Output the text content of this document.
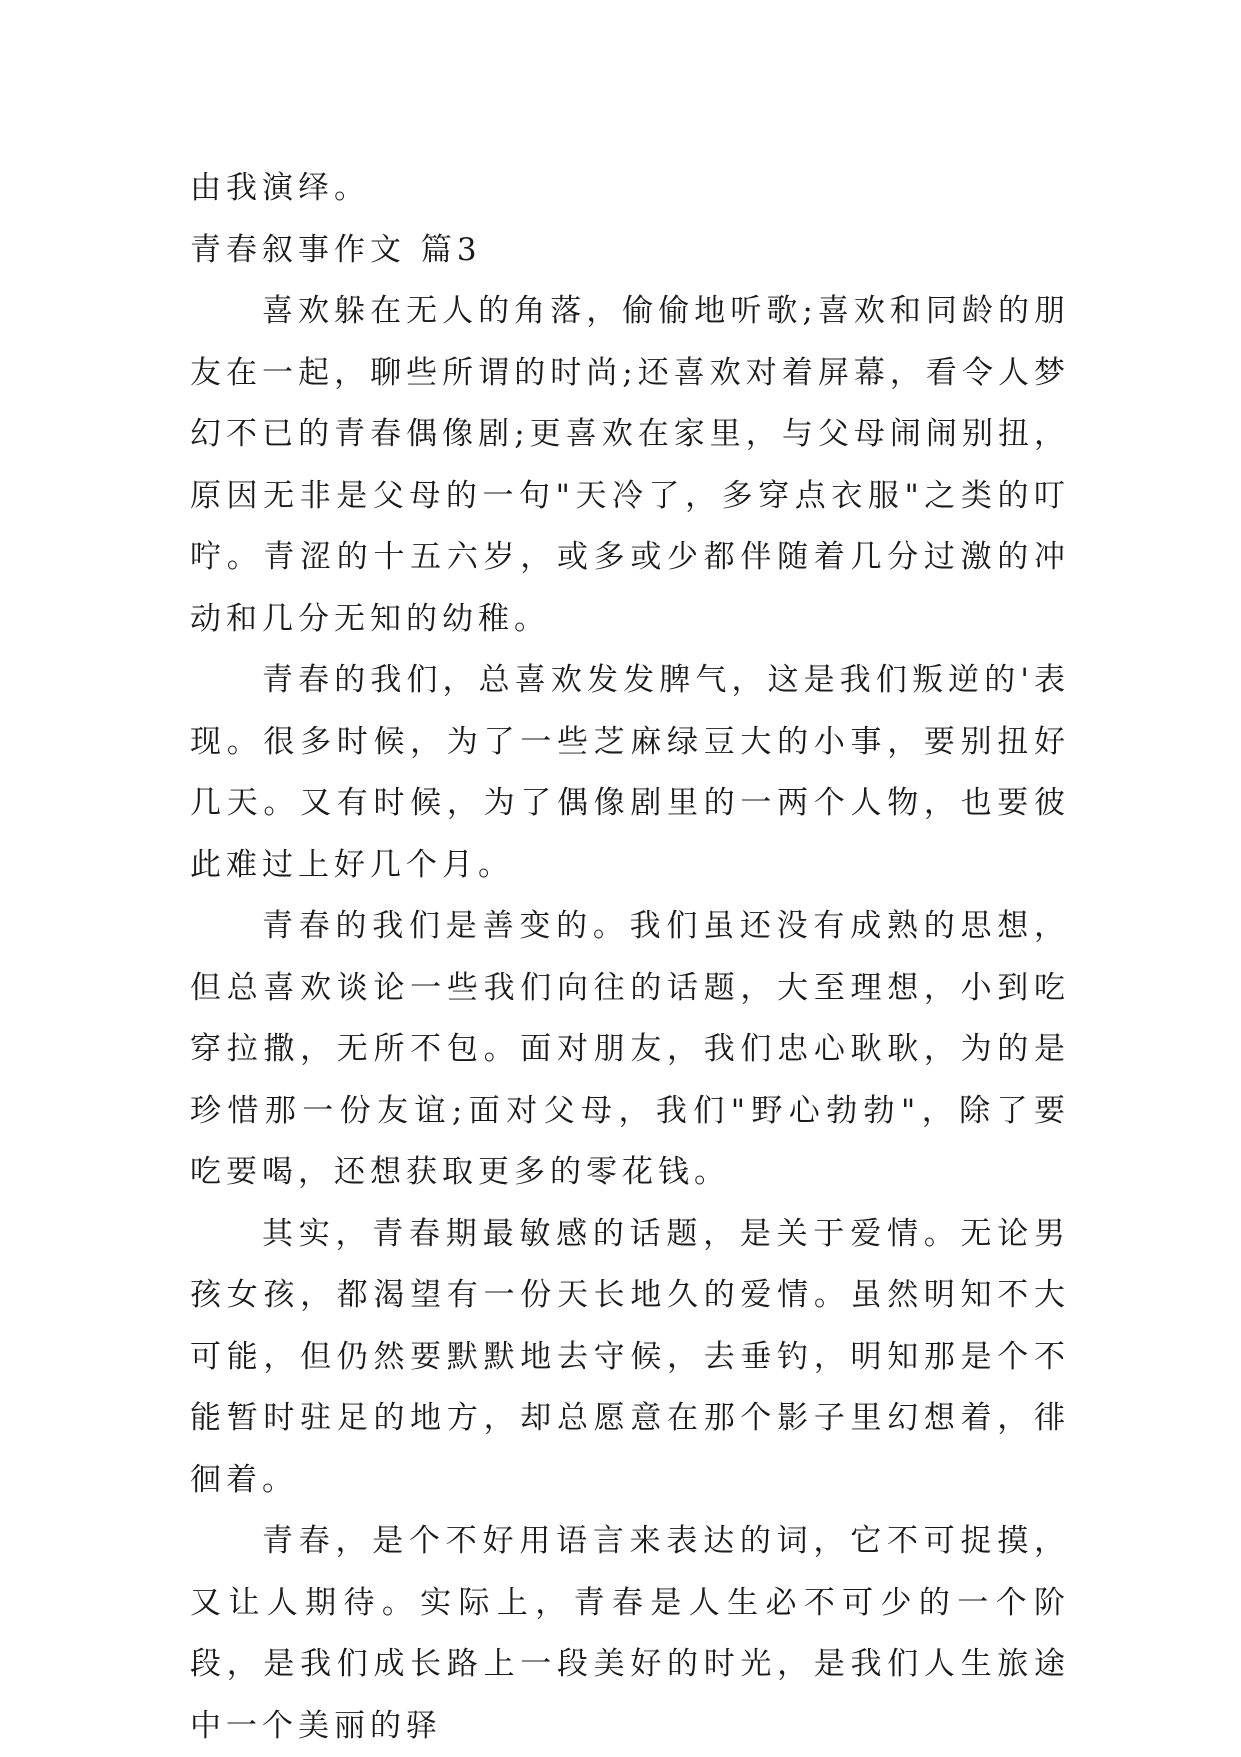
由我演绎。

青春叙事作文 篇3

喜欢躲在无人的角落，偷偷地听歌;喜欢和同龄的朋友在一起，聊些所谓的时尚;还喜欢对着屏幕，看令人梦幻不已的青春偶像剧;更喜欢在家里，与父母闹闹别扭，原因无非是父母的一句"天冷了，多穿点衣服"之类的叮咛。青涩的十五六岁，或多或少都伴随着几分过激的冲动和几分无知的幼稚。

青春的我们，总喜欢发发脾气，这是我们叛逆的'表现。很多时候，为了一些芝麻绿豆大的小事，要别扭好几天。又有时候，为了偶像剧里的一两个人物，也要彼此难过上好几个月。

青春的我们是善变的。我们虽还没有成熟的思想，但总喜欢谈论一些我们向往的话题，大至理想，小到吃穿拉撒，无所不包。面对朋友，我们忠心耿耿，为的是珍惜那一份友谊;面对父母，我们"野心勃勃"，除了要吃要喝，还想获取更多的零花钱。

其实，青春期最敏感的话题，是关于爱情。无论男孩女孩，都渴望有一份天长地久的爱情。虽然明知不大可能，但仍然要默默地去守候，去垂钓，明知那是个不能暂时驻足的地方，却总愿意在那个影子里幻想着，徘徊着。

青春，是个不好用语言来表达的词，它不可捉摸，又让人期待。实际上，青春是人生必不可少的一个阶段，是我们成长路上一段美好的时光，是我们人生旅途中一个美丽的驿
